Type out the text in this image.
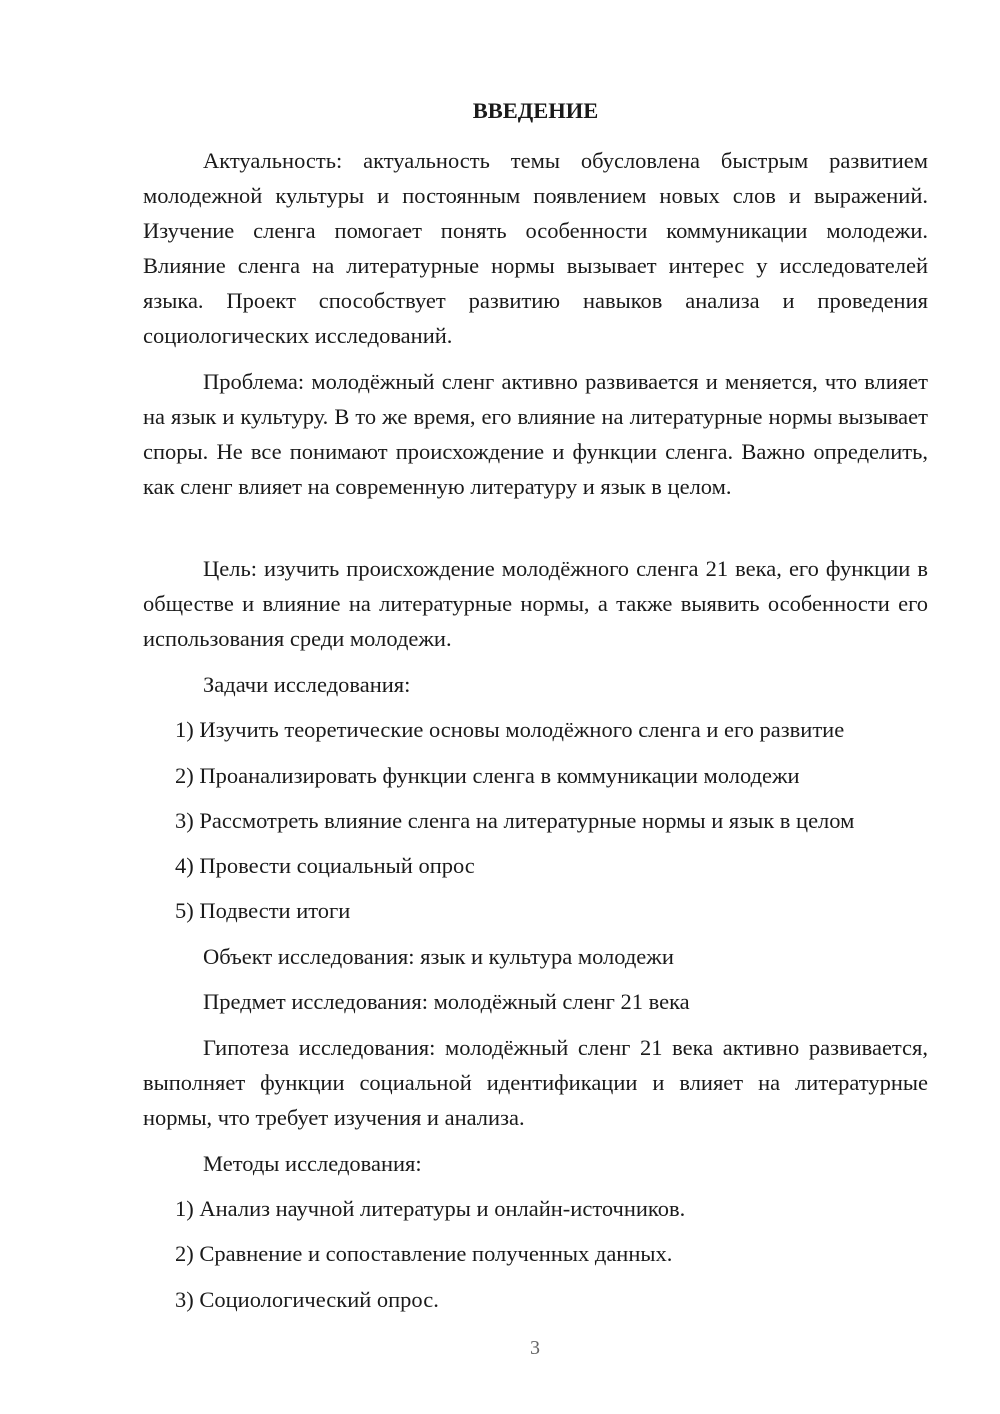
ВВЕДЕНИЕ

Актуальность: актуальность темы обусловлена быстрым развитием молодежной культуры и постоянным появлением новых слов и выражений. Изучение сленга помогает понять особенности коммуникации молодежи. Влияние сленга на литературные нормы вызывает интерес у исследователей языка. Проект способствует развитию навыков анализа и проведения социологических исследований.

Проблема: молодёжный сленг активно развивается и меняется, что влияет на язык и культуру. В то же время, его влияние на литературные нормы вызывает споры. Не все понимают происхождение и функции сленга. Важно определить, как сленг влияет на современную литературу и язык в целом.

Цель: изучить происхождение молодёжного сленга 21 века, его функции в обществе и влияние на литературные нормы, а также выявить особенности его использования среди молодежи.

Задачи исследования:

1) Изучить теоретические основы молодёжного сленга и его развитие

2) Проанализировать функции сленга в коммуникации молодежи

3) Рассмотреть влияние сленга на литературные нормы и язык в целом

4) Провести социальный опрос

5) Подвести итоги

Объект исследования: язык и культура молодежи

Предмет исследования: молодёжный сленг 21 века

Гипотеза исследования: молодёжный сленг 21 века активно развивается, выполняет функции социальной идентификации и влияет на литературные нормы, что требует изучения и анализа.

Методы исследования:

1) Анализ научной литературы и онлайн-источников.

2) Сравнение и сопоставление полученных данных.

3) Социологический опрос.

3
